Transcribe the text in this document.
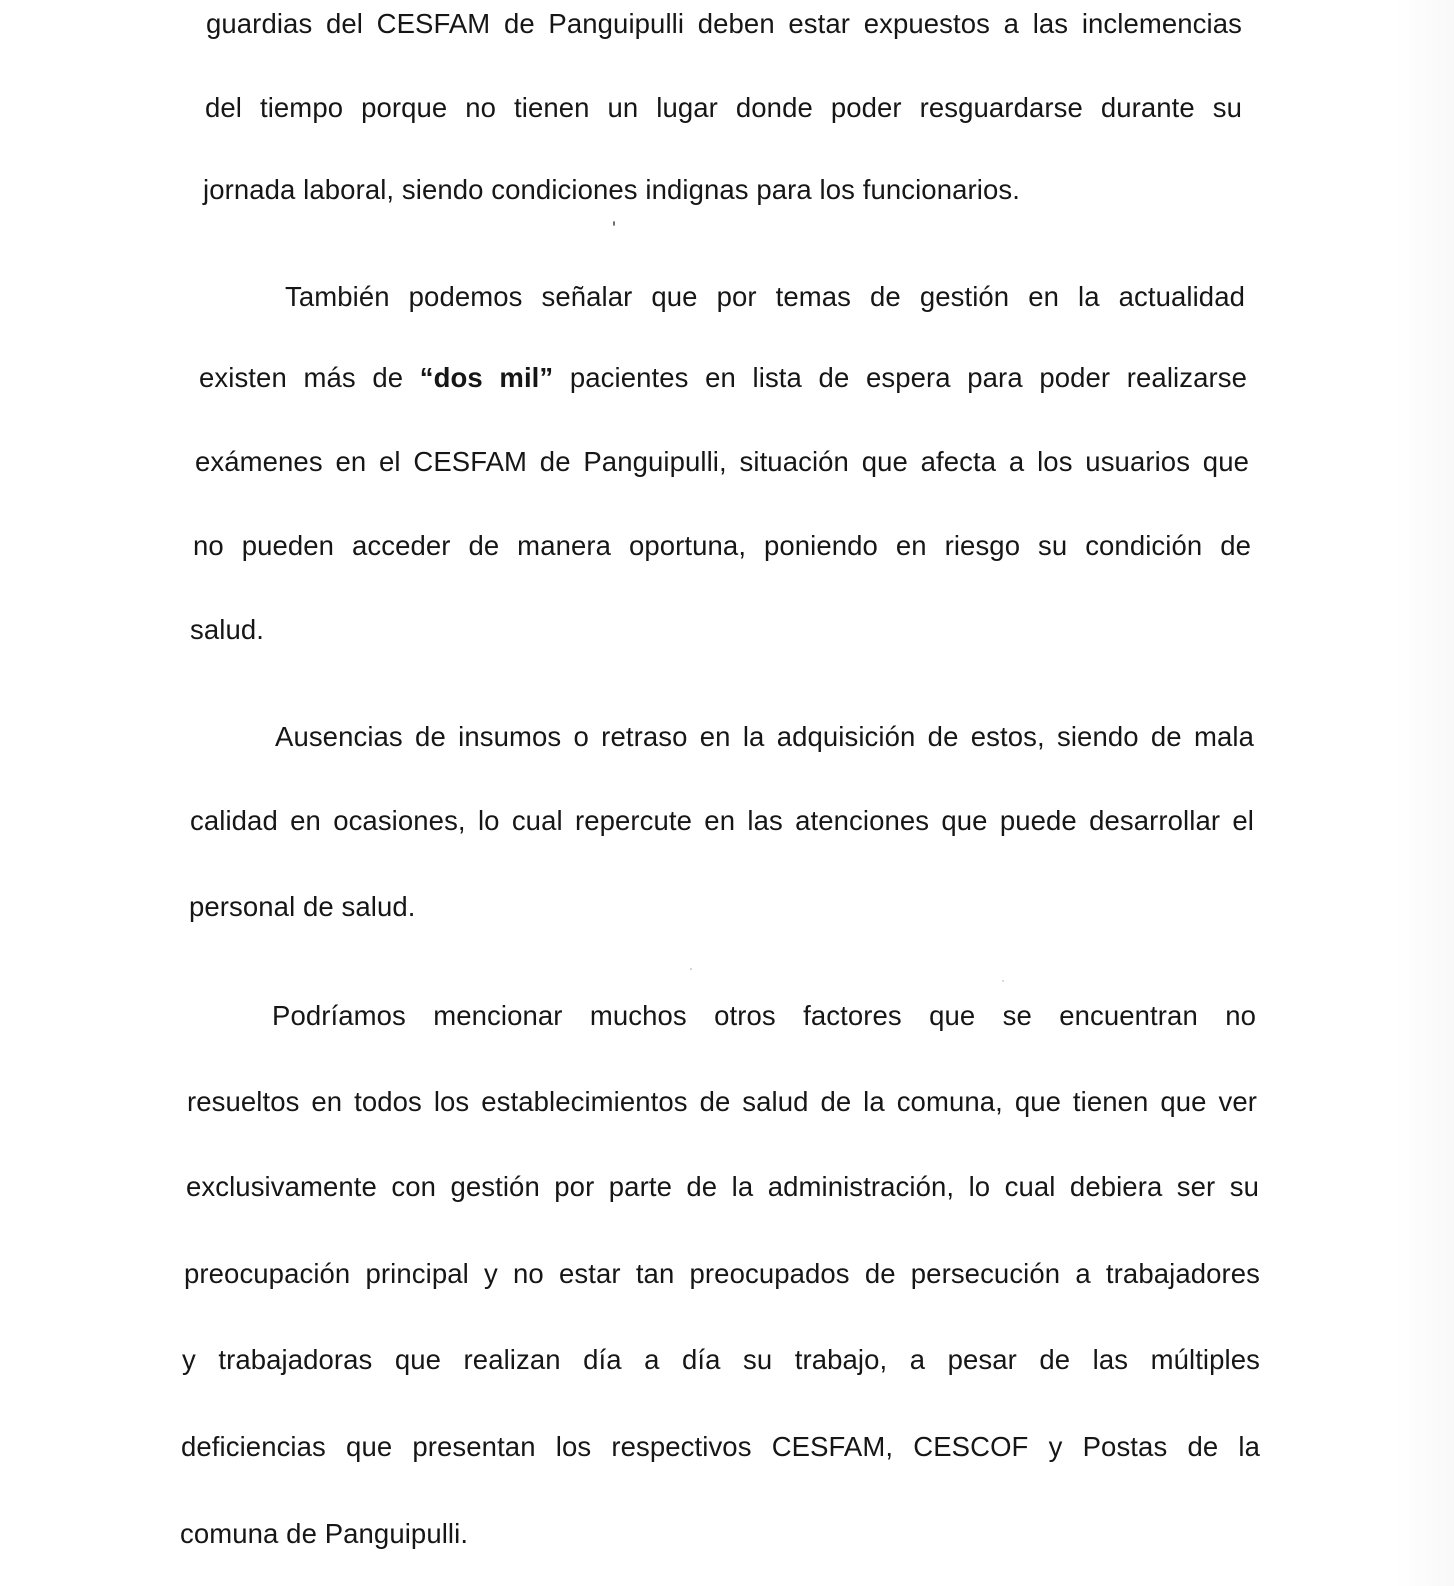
guardias del CESFAM de Panguipulli deben estar expuestos a las inclemencias
del tiempo porque no tienen un lugar donde poder resguardarse durante su
jornada laboral, siendo condiciones indignas para los funcionarios.
También podemos señalar que por temas de gestión en la actualidad
existen más de “dos mil” pacientes en lista de espera para poder realizarse
exámenes en el CESFAM de Panguipulli, situación que afecta a los usuarios que
no pueden acceder de manera oportuna, poniendo en riesgo su condición de
salud.
Ausencias de insumos o retraso en la adquisición de estos, siendo de mala
calidad en ocasiones, lo cual repercute en las atenciones que puede desarrollar el
personal de salud.
Podríamos mencionar muchos otros factores que se encuentran no
resueltos en todos los establecimientos de salud de la comuna, que tienen que ver
exclusivamente con gestión por parte de la administración, lo cual debiera ser su
preocupación principal y no estar tan preocupados de persecución a trabajadores
y trabajadoras que realizan día a día su trabajo, a pesar de las múltiples
deficiencias que presentan los respectivos CESFAM, CESCOF y Postas de la
comuna de Panguipulli.
